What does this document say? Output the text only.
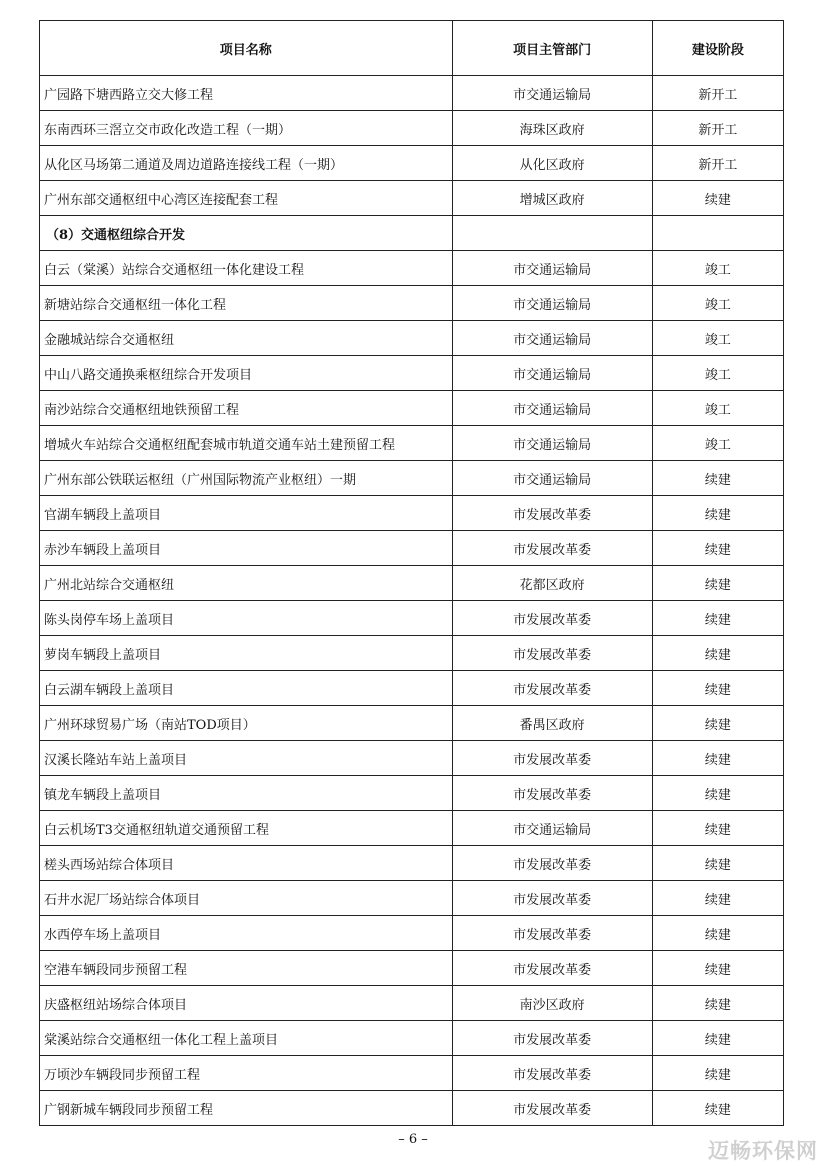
项目名称	项目主管部门	建设阶段
广园路下塘西路立交大修工程	市交通运输局	新开工
东南西环三滘立交市政化改造工程（一期）	海珠区政府	新开工
从化区马场第二通道及周边道路连接线工程（一期）	从化区政府	新开工
广州东部交通枢纽中心湾区连接配套工程	增城区政府	续建
（8）交通枢纽综合开发		
白云（棠溪）站综合交通枢纽一体化建设工程	市交通运输局	竣工
新塘站综合交通枢纽一体化工程	市交通运输局	竣工
金融城站综合交通枢纽	市交通运输局	竣工
中山八路交通换乘枢纽综合开发项目	市交通运输局	竣工
南沙站综合交通枢纽地铁预留工程	市交通运输局	竣工
增城火车站综合交通枢纽配套城市轨道交通车站土建预留工程	市交通运输局	竣工
广州东部公铁联运枢纽（广州国际物流产业枢纽）一期	市交通运输局	续建
官湖车辆段上盖项目	市发展改革委	续建
赤沙车辆段上盖项目	市发展改革委	续建
广州北站综合交通枢纽	花都区政府	续建
陈头岗停车场上盖项目	市发展改革委	续建
萝岗车辆段上盖项目	市发展改革委	续建
白云湖车辆段上盖项目	市发展改革委	续建
广州环球贸易广场（南站TOD项目）	番禺区政府	续建
汉溪长隆站车站上盖项目	市发展改革委	续建
镇龙车辆段上盖项目	市发展改革委	续建
白云机场T3交通枢纽轨道交通预留工程	市交通运输局	续建
槎头西场站综合体项目	市发展改革委	续建
石井水泥厂场站综合体项目	市发展改革委	续建
水西停车场上盖项目	市发展改革委	续建
空港车辆段同步预留工程	市发展改革委	续建
庆盛枢纽站场综合体项目	南沙区政府	续建
棠溪站综合交通枢纽一体化工程上盖项目	市发展改革委	续建
万顷沙车辆段同步预留工程	市发展改革委	续建
广钢新城车辆段同步预留工程	市发展改革委	续建
– 6 –	迈畅环保网
